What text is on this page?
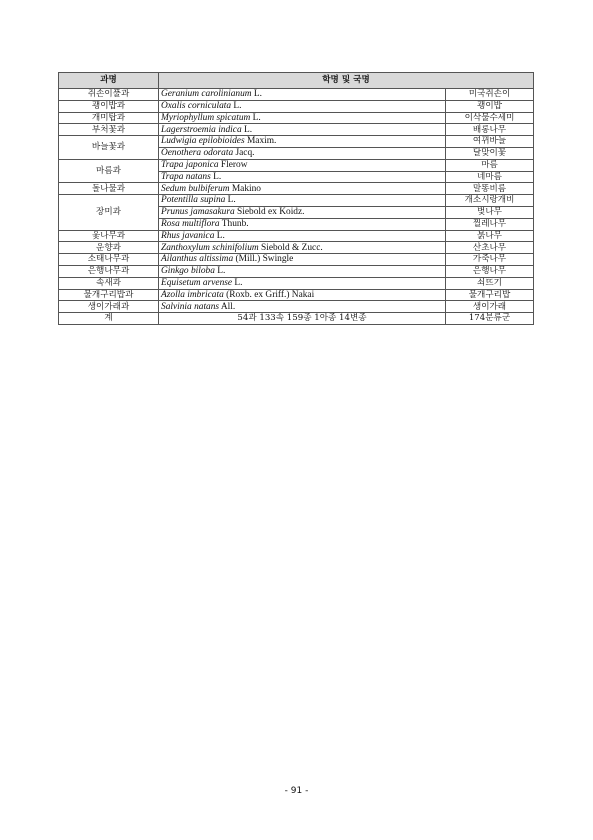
과명	학명 및 국명	
쥐손이풀과	Geranium carolinianum L.	미국쥐손이
괭이밥과	Oxalis corniculata L.	괭이밥
개미탑과	Myriophyllum spicatum L.	이삭물수세미
부처꽃과	Lagerstroemia indica L.	배롱나무
바늘꽃과	Ludwigia epilobioides Maxim.	여뀌바늘
	Oenothera odorata Jacq.	달맞이꽃
마름과	Trapa japonica Flerow	마름
	Trapa natans L.	네마름
돌나물과	Sedum bulbiferum Makino	말똥비름
장미과	Potentilla supina L.	개소시랑개비
	Prunus jamasakura Siebold ex Koidz.	벚나무
	Rosa multiflora Thunb.	찔레나무
옻나무과	Rhus javanica L.	붉나무
운향과	Zanthoxylum schinifolium Siebold & Zucc.	산초나무
소태나무과	Ailanthus altissima (Mill.) Swingle	가죽나무
은행나무과	Ginkgo biloba L.	은행나무
속새과	Equisetum arvense L.	쇠뜨기
물개구리밥과	Azolla imbricata (Roxb. ex Griff.) Nakai	물개구리밥
생이가래과	Salvinia natans All.	생이가래
계	54과 133속 159종 1아종 14변종	174분류군
- 91 -
